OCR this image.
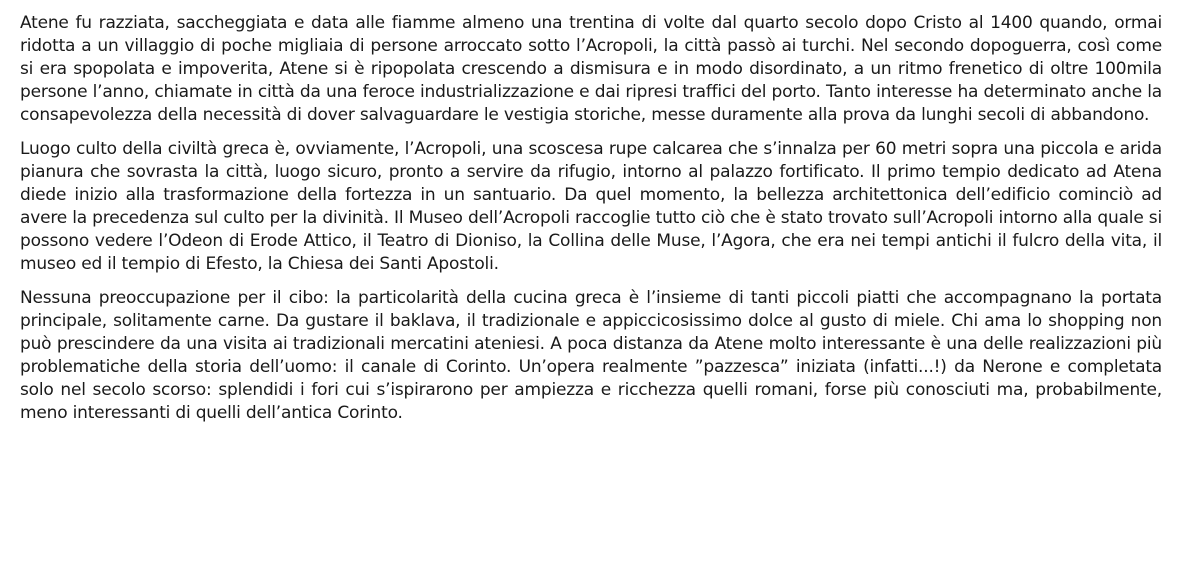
Atene fu razziata, saccheggiata e data alle fiamme almeno una trentina di volte dal quarto secolo dopo Cristo al 1400 quando, ormai ridotta a un villaggio di poche migliaia di persone arroccato sotto l’Acropoli, la città passò ai turchi. Nel secondo dopoguerra, così come si era spopolata e impoverita, Atene si è ripopolata crescendo a dismisura e in modo disordinato, a un ritmo frenetico di oltre 100mila persone l’anno, chiamate in città da una feroce industrializzazione e dai ripresi traffici del porto. Tanto interesse ha determinato anche la consapevolezza della necessità di dover salvaguardare le vestigia storiche, messe duramente alla prova da lunghi secoli di abbandono.

Luogo culto della civiltà greca è, ovviamente, l’Acropoli, una scoscesa rupe calcarea che s’innalza per 60 metri sopra una piccola e arida pianura che sovrasta la città, luogo sicuro, pronto a servire da rifugio, intorno al palazzo fortificato. Il primo tempio dedicato ad Atena diede inizio alla trasformazione della fortezza in un santuario. Da quel momento, la bellezza architettonica dell’edificio cominciò ad avere la precedenza sul culto per la divinità. Il Museo dell’Acropoli raccoglie tutto ciò che è stato trovato sull’Acropoli intorno alla quale si possono vedere l’Odeon di Erode Attico, il Teatro di Dioniso, la Collina delle Muse, l’Agora, che era nei tempi antichi il fulcro della vita, il museo ed il tempio di Efesto, la Chiesa dei Santi Apostoli.

Nessuna preoccupazione per il cibo: la particolarità della cucina greca è l’insieme di tanti piccoli piatti che accompagnano la portata principale, solitamente carne. Da gustare il baklava, il tradizionale e appiccicosissimo dolce al gusto di miele. Chi ama lo shopping non può prescindere da una visita ai tradizionali mercatini ateniesi. A poca distanza da Atene molto interessante è una delle realizzazioni più problematiche della storia dell’uomo: il canale di Corinto. Un’opera realmente ”pazzesca” iniziata (infatti...!) da Nerone e completata solo nel secolo scorso: splendidi i fori cui s’ispirarono per ampiezza e ricchezza quelli romani, forse più conosciuti ma, probabilmente, meno interessanti di quelli dell’antica Corinto.
